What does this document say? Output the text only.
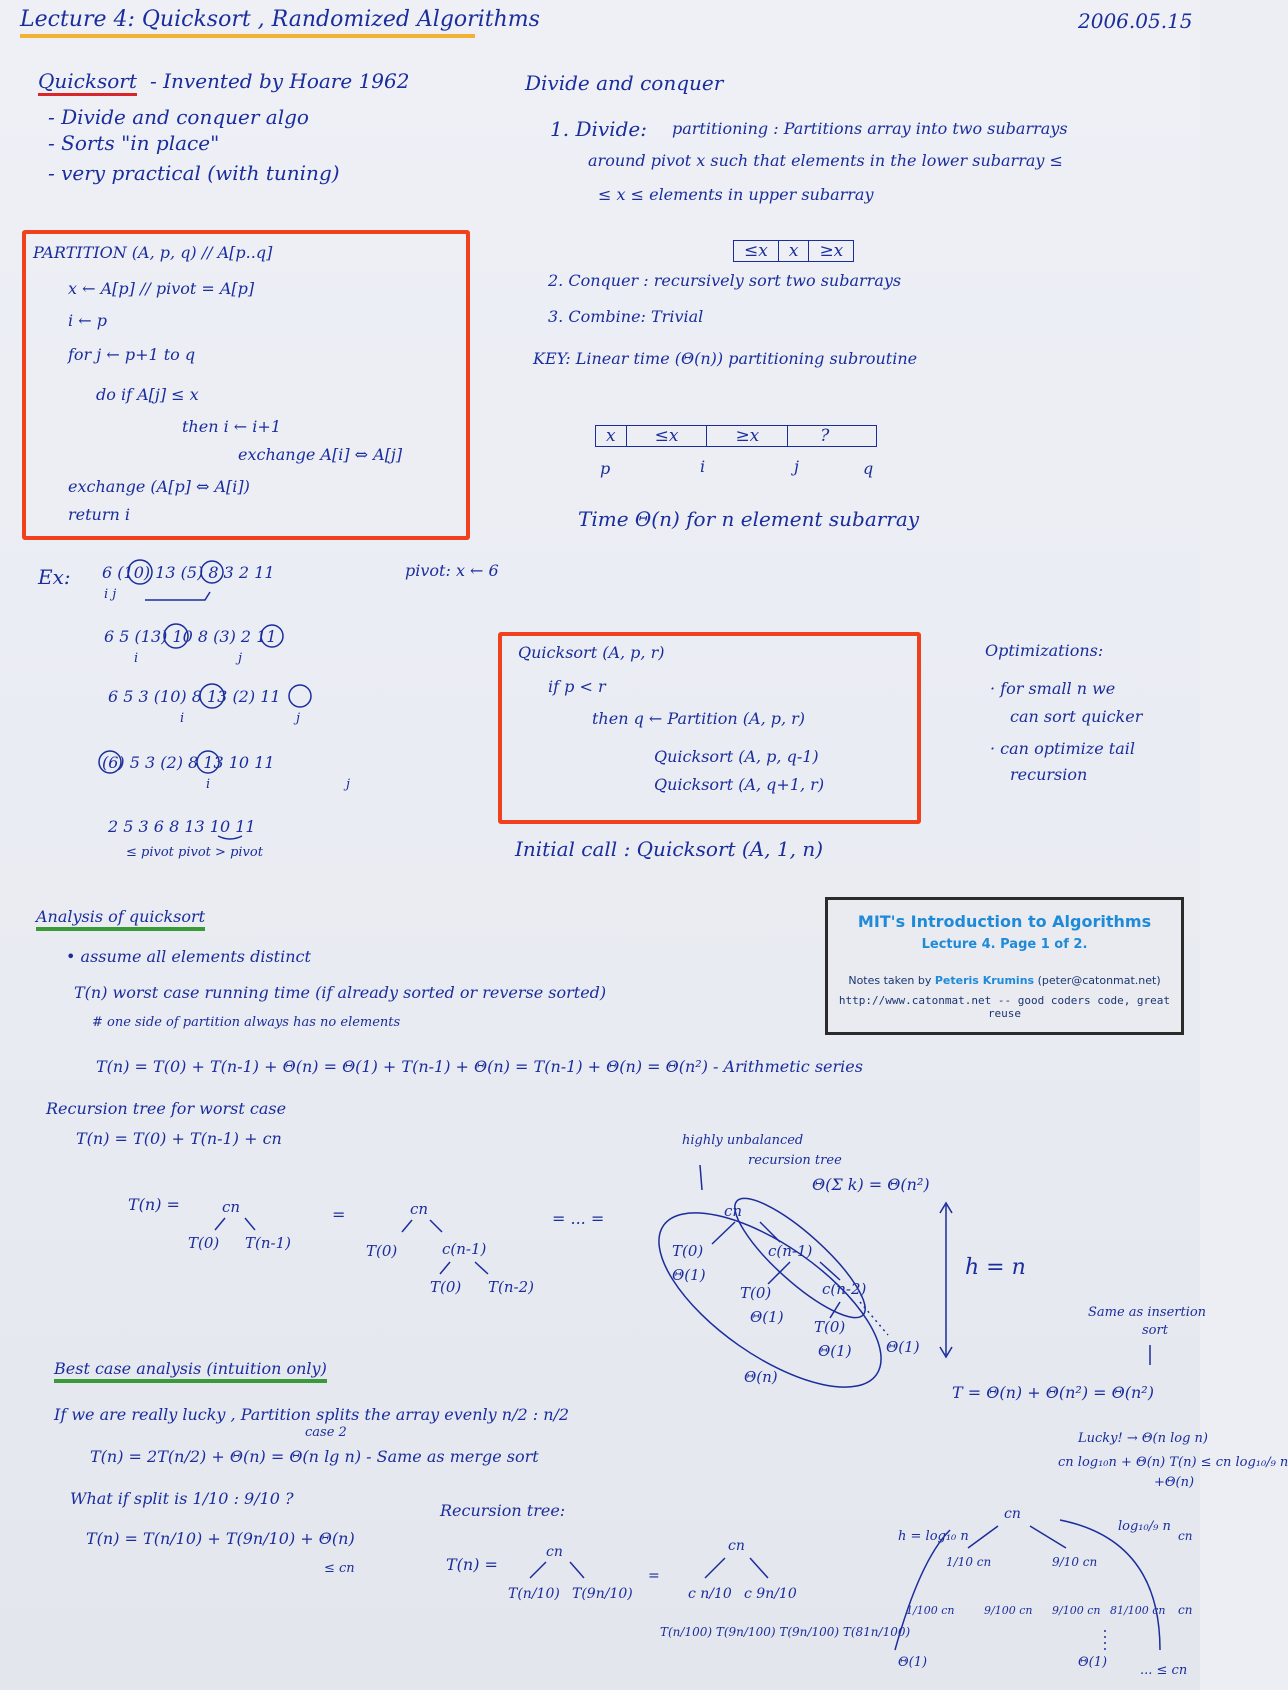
Lecture 4: Quicksort , Randomized Algorithms	2006.05.15
Quicksort - Invented by Hoare 1962
- Divide and conquer algo
- Sorts "in place"
- very practical (with tuning)
Divide and conquer
1. Divide: partitioning : Partitions array into two subarrays
around pivot x such that elements in the lower subarray ≤
≤ x ≤ elements in upper subarray
≤x	x	≥x
2. Conquer : recursively sort two subarrays
3. Combine: Trivial
KEY: Linear time (Θ(n)) partitioning subroutine
x	≤x	≥x	?
p	i	j	q
Time Θ(n) for n element subarray
PARTITION (A, p, q) // A[p..q]
x ← A[p] // pivot = A[p]
i ← p
for j ← p+1 to q
do if A[j] ≤ x
then i ← i+1
exchange A[i] ⇔ A[j]
exchange (A[p] ⇔ A[i])
return i
Ex:	pivot: x ← 6
6 (10) 13 (5) 8 3 2 11
i j
6 5 (13) 10 8 (3) 2 11
i	j
6 5 3 (10) 8 13 (2) 11
i	j
(6) 5 3 (2) 8 13 10 11
i	j
2 5 3 6 8 13 10 11
≤ pivot pivot > pivot
Quicksort (A, p, r)
if p < r
then q ← Partition (A, p, r)
Quicksort (A, p, q-1)
Quicksort (A, q+1, r)
Initial call : Quicksort (A, 1, n)
Optimizations:
· for small n we
can sort quicker
· can optimize tail
recursion
MIT's Introduction to Algorithms
Lecture 4. Page 1 of 2.
Notes taken by Peteris Krumins (peter@catonmat.net)
http://www.catonmat.net -- good coders code, great reuse
Analysis of quicksort
• assume all elements distinct
T(n) worst case running time (if already sorted or reverse sorted)
# one side of partition always has no elements
T(n) = T(0) + T(n-1) + Θ(n) = Θ(1) + T(n-1) + Θ(n) = T(n-1) + Θ(n) = Θ(n²) - Arithmetic series
Recursion tree for worst case
T(n) = T(0) + T(n-1) + cn
T(n) =
=	= ... =
highly unbalanced
recursion tree
Θ(Σ k) = Θ(n²)
h = n
Same as insertion
sort
T = Θ(n) + Θ(n²) = Θ(n²)
Best case analysis (intuition only)
If we are really lucky , Partition splits the array evenly n/2 : n/2
case 2
T(n) = 2T(n/2) + Θ(n) = Θ(n lg n) - Same as merge sort
What if split is 1/10 : 9/10 ?
T(n) = T(n/10) + T(9n/10) + Θ(n)
≤ cn
Recursion tree:
Lucky! → Θ(n log n)
cn log₁₀n + Θ(n) T(n) ≤ cn log₁₀/₉ n
+Θ(n)
h = log₁₀ n
log₁₀/₉ n
Θ(1)	Θ(1)
... ≤ cn
cn
T(0) T(n-1)
cn
T(0)	c(n-1)
T(0) T(n-2)
cn
T(0)
Θ(1)
c(n-1)
T(0)
Θ(1)
c(n-2)
T(0)
Θ(1) Θ(1)
Θ(n)
T(n) =
cn
T(n/10) T(9n/10)
=
cn
c n/10 c 9n/10
T(n/100) T(9n/100) T(9n/100) T(81n/100)
cn
1/10 cn	9/10 cn
1/100 cn	9/100 cn 9/100 cn 81/100 cn
cn
cn
